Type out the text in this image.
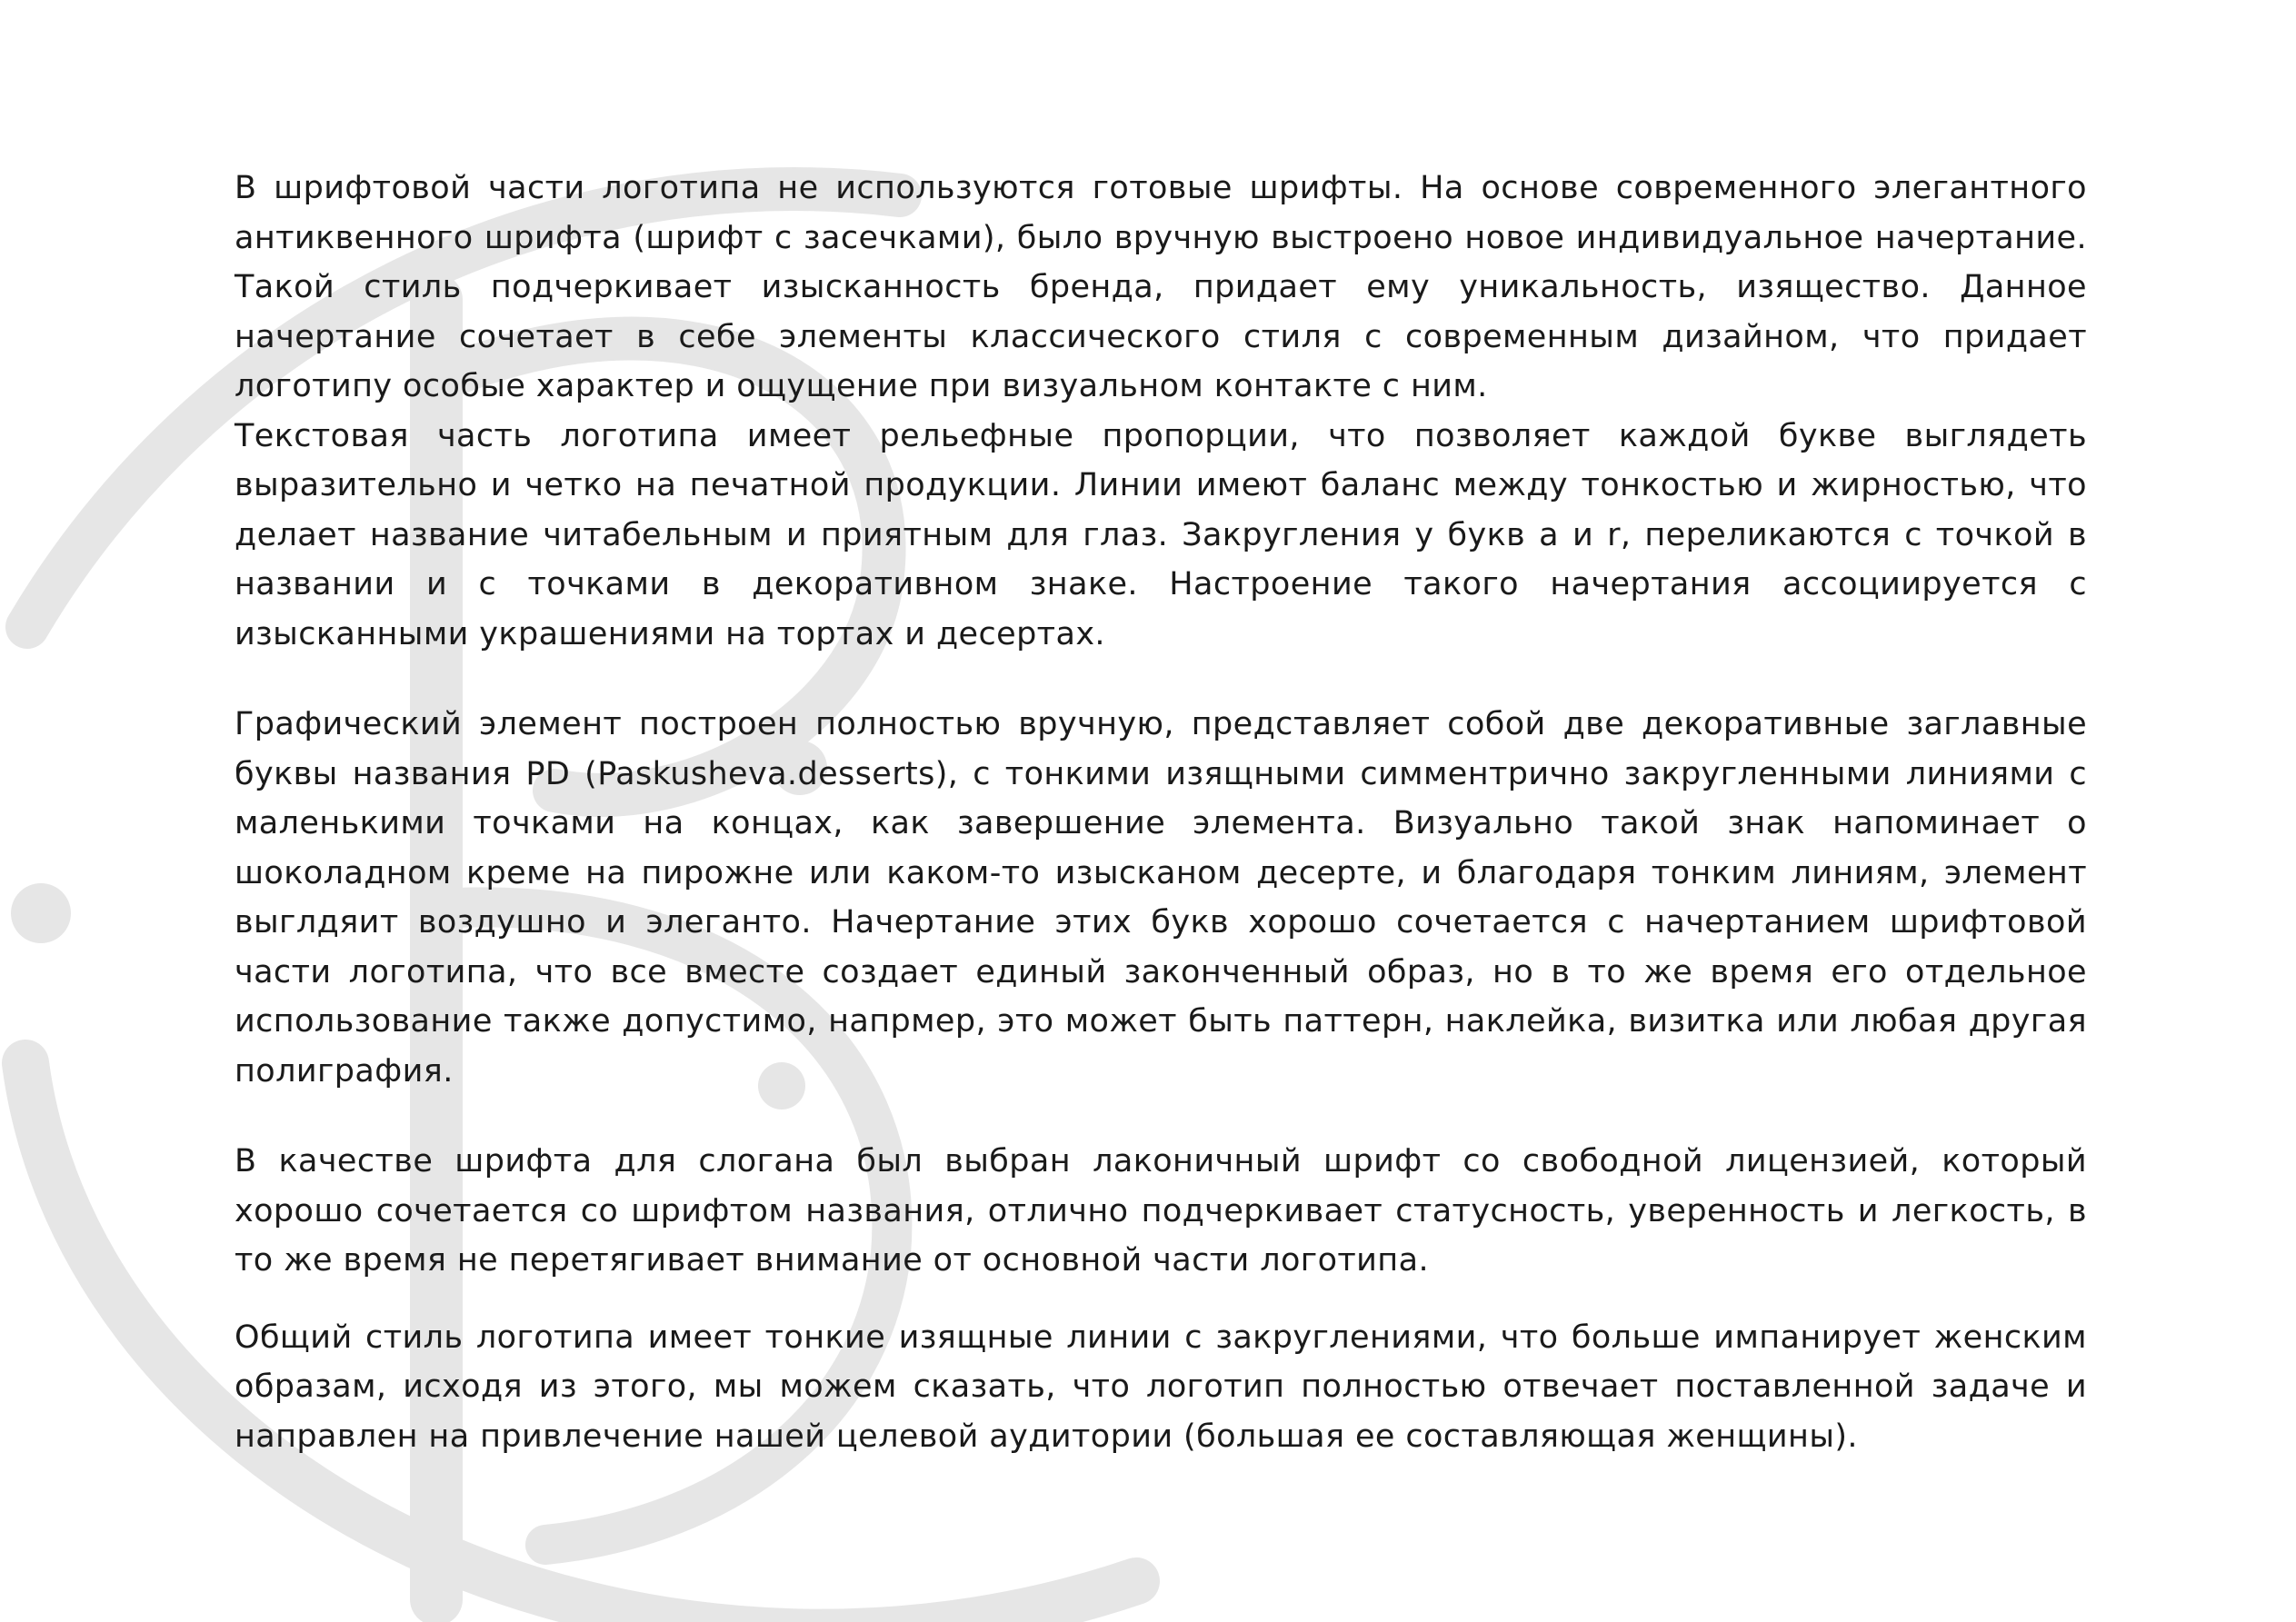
В шрифтовой части логотипа не используются готовые шрифты. На основе современного элегантного антиквенного шрифта (шрифт с засечками), было вручную выстроено новое индивидуальное начертание. Такой стиль подчеркивает изысканность бренда, придает ему уникальность, изящество. Данное начертание сочетает в себе элементы классического стиля с современным дизайном, что придает логотипу особые характер и ощущение при визуальном контакте с ним.

Текстовая часть логотипа имеет рельефные пропорции, что позволяет каждой букве выглядеть выразительно и четко на печатной продукции. Линии имеют баланс между тонкостью и жирностью, что делает название читабельным и приятным для глаз. Закругления у букв a и r, переликаются с точкой в названии и с точками в декоративном знаке. Настроение такого начертания ассоциируется с изысканными украшениями на тортах и десертах.

Графический элемент построен полностью вручную, представляет собой две декоративные заглавные буквы названия PD (Paskusheva.desserts), с тонкими изящными симментрично закругленными линиями с маленькими точками на концах, как завершение элемента. Визуально такой знак напоминает о шоколадном креме на пирожне или каком-то изысканом десерте, и благодаря тонким линиям, элемент выглдяит воздушно и элеганто. Начертание этих букв хорошо сочетается с начертанием шрифтовой части логотипа, что все вместе создает единый законченный образ, но в то же время его отдельное использование также допустимо, напрмер, это может быть паттерн, наклейка, визитка или любая другая полиграфия.

В качестве шрифта для слогана был выбран лаконичный шрифт со свободной лицензией, который хорошо сочетается со шрифтом названия, отлично подчеркивает статусность, уверенность и легкость, в то же время не перетягивает внимание от основной части логотипа.

Общий стиль логотипа имеет тонкие изящные линии с закруглениями, что больше импанирует женским образам, исходя из этого, мы можем сказать, что логотип полностью отвечает поставленной задаче и направлен на привлечение нашей целевой аудитории (большая ее составляющая женщины).
